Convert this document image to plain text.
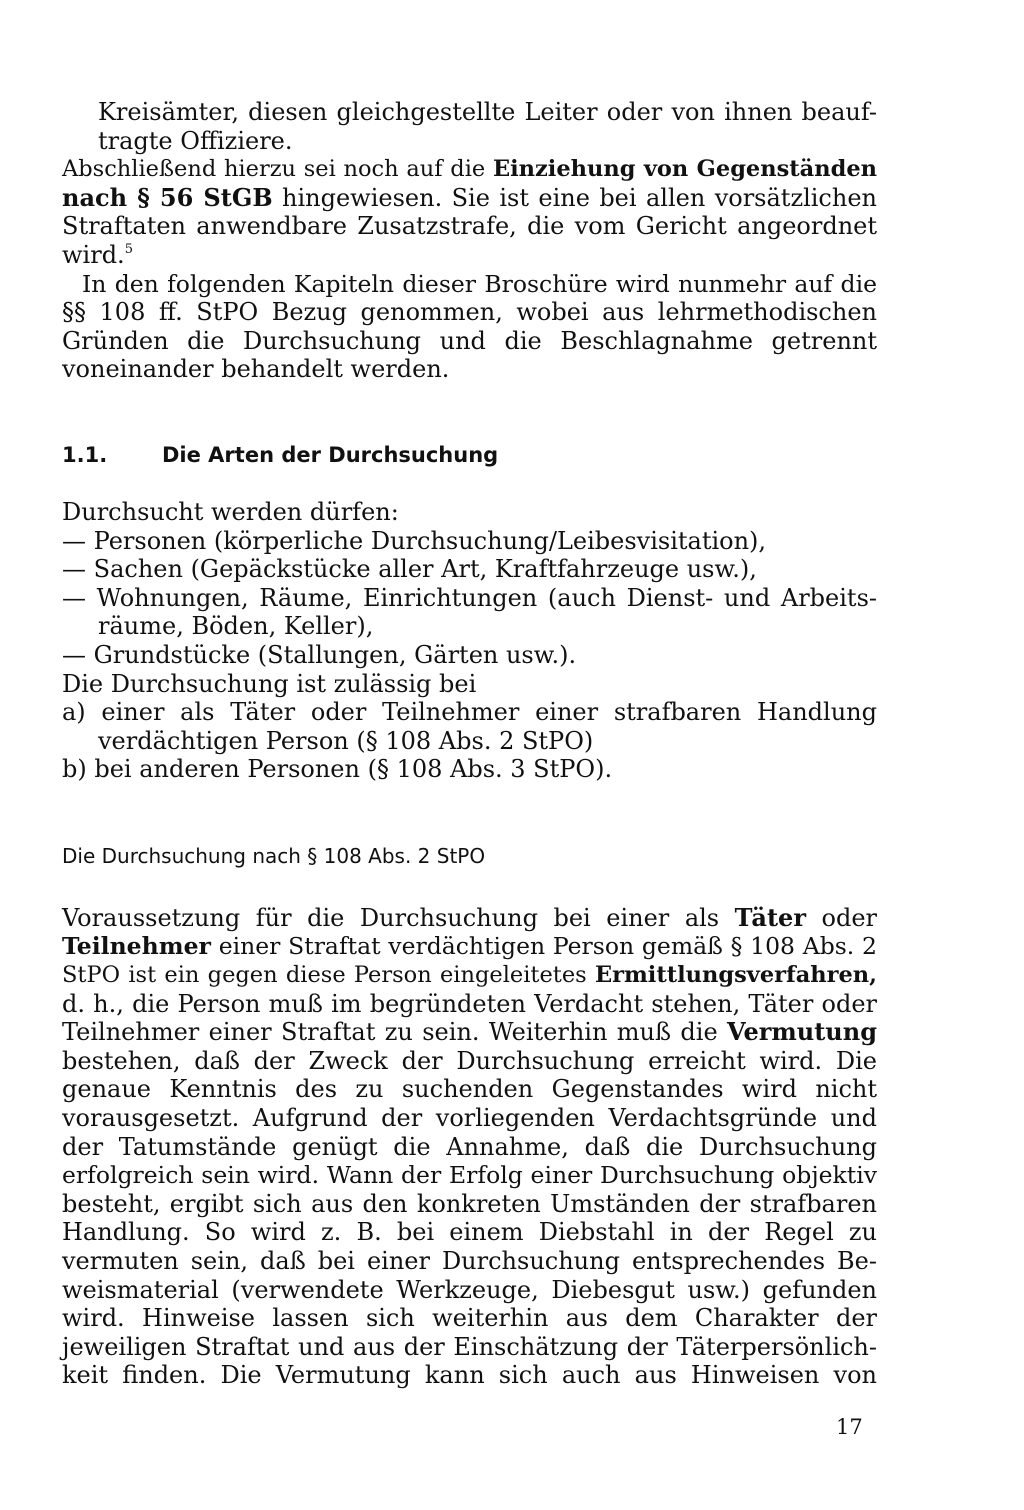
Kreisämter, diesen gleichgestellte Leiter oder von ihnen beauf-
tragte Offiziere.
Abschließend hierzu sei noch auf die Einziehung von Gegenständen
nach § 56 StGB hingewiesen. Sie ist eine bei allen vorsätzlichen
Straftaten anwendbare Zusatzstrafe, die vom Gericht angeordnet
wird.$^5$
In den folgenden Kapiteln dieser Broschüre wird nunmehr auf die
§§ 108 ff. StPO Bezug genommen, wobei aus lehrmethodischen
Gründen die Durchsuchung und die Beschlagnahme getrennt
voneinander behandelt werden.
1.1.	Die Arten der Durchsuchung
Durchsucht werden dürfen:
— Personen (körperliche Durchsuchung/Leibesvisitation),
— Sachen (Gepäckstücke aller Art, Kraftfahrzeuge usw.),
— Wohnungen, Räume, Einrichtungen (auch Dienst- und Arbeits-
räume, Böden, Keller),
— Grundstücke (Stallungen, Gärten usw.).
Die Durchsuchung ist zulässig bei
a) einer als Täter oder Teilnehmer einer strafbaren Handlung
verdächtigen Person (§ 108 Abs. 2 StPO)
b) bei anderen Personen (§ 108 Abs. 3 StPO).
Die Durchsuchung nach § 108 Abs. 2 StPO
Voraussetzung für die Durchsuchung bei einer als Täter oder
Teilnehmer einer Straftat verdächtigen Person gemäß § 108 Abs. 2
StPO ist ein gegen diese Person eingeleitetes Ermittlungsverfahren,
d. h., die Person muß im begründeten Verdacht stehen, Täter oder
Teilnehmer einer Straftat zu sein. Weiterhin muß die Vermutung
bestehen, daß der Zweck der Durchsuchung erreicht wird. Die
genaue Kenntnis des zu suchenden Gegenstandes wird nicht
vorausgesetzt. Aufgrund der vorliegenden Verdachtsgründe und
der Tatumstände genügt die Annahme, daß die Durchsuchung
erfolgreich sein wird. Wann der Erfolg einer Durchsuchung objektiv
besteht, ergibt sich aus den konkreten Umständen der strafbaren
Handlung. So wird z. B. bei einem Diebstahl in der Regel zu
vermuten sein, daß bei einer Durchsuchung entsprechendes Be-
weismaterial (verwendete Werkzeuge, Diebesgut usw.) gefunden
wird. Hinweise lassen sich weiterhin aus dem Charakter der
jeweiligen Straftat und aus der Einschätzung der Täterpersönlich-
keit finden. Die Vermutung kann sich auch aus Hinweisen von
17
